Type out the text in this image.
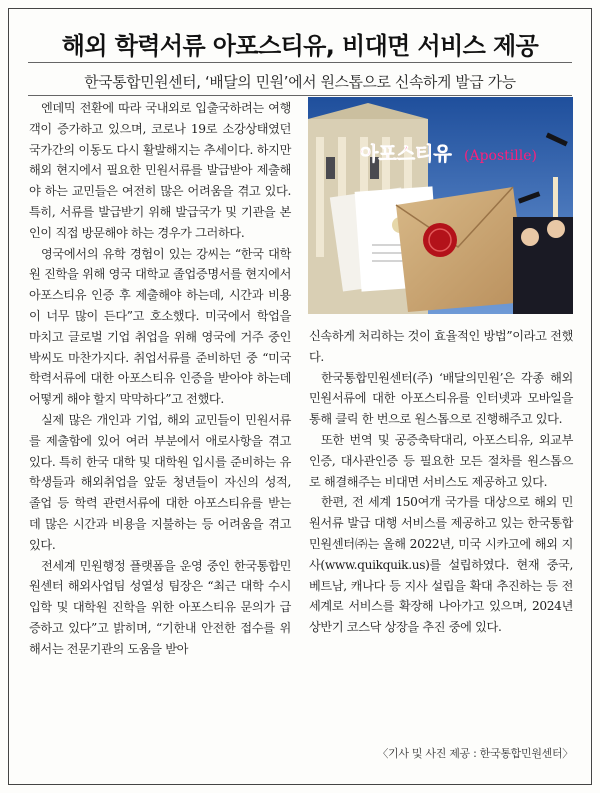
해외 학력서류 아포스티유, 비대면 서비스 제공
한국통합민원센터, ‘배달의 민원’에서 원스톱으로 신속하게 발급 가능

엔데믹 전환에 따라 국내외로 입출국하려는 여행객이 증가하고 있으며, 코로나 19로 소강상태였던 국가간의 이동도 다시 활발해지는 추세이다. 하지만 해외 현지에서 필요한 민원서류를 발급받아 제출해야 하는 교민들은 여전히 많은 어려움을 겪고 있다. 특히, 서류를 발급받기 위해 발급국가 및 기관을 본인이 직접 방문해야 하는 경우가 그러하다.

영국에서의 유학 경험이 있는 강씨는 “한국 대학원 진학을 위해 영국 대학교 졸업증명서를 현지에서 아포스티유 인증 후 제출해야 하는데, 시간과 비용이 너무 많이 든다”고 호소했다. 미국에서 학업을 마치고 글로벌 기업 취업을 위해 영국에 거주 중인 박씨도 마찬가지다. 취업서류를 준비하던 중 “미국 학력서류에 대한 아포스티유 인증을 받아야 하는데 어떻게 해야 할지 막막하다”고 전했다.

실제 많은 개인과 기업, 해외 교민들이 민원서류를 제출함에 있어 여러 부분에서 애로사항을 겪고 있다. 특히 한국 대학 및 대학원 입시를 준비하는 유학생들과 해외취업을 앞둔 청년들이 자신의 성적, 졸업 등 학력 관련서류에 대한 아포스티유를 받는 데 많은 시간과 비용을 지불하는 등 어려움을 겪고 있다.

전세계 민원행정 플랫폼을 운영 중인 한국통합민원센터 해외사업팀 성열성 팀장은 “최근 대학 수시입학 및 대학원 진학을 위한 아포스티유 문의가 급증하고 있다”고 밝히며, “기한내 안전한 접수를 위해서는 전문기관의 도움을 받아

아포스티유 (Apostille)

신속하게 처리하는 것이 효율적인 방법”이라고 전했다.

한국통합민원센터(주) ‘배달의민원’은 각종 해외 민원서류에 대한 아포스티유를 인터넷과 모바일을 통해 클릭 한 번으로 원스톱으로 진행해주고 있다.

또한 번역 및 공증축탁대리, 아포스티유, 외교부인증, 대사관인증 등 필요한 모든 절차를 원스톱으로 해결해주는 비대면 서비스도 제공하고 있다.

한편, 전 세계 150여개 국가를 대상으로 해외 민원서류 발급 대행 서비스를 제공하고 있는 한국통합민원센터㈜는 올해 2022년, 미국 시카고에 해외 지사(www.quikquik.us)를 설립하였다. 현재 중국, 베트남, 캐나다 등 지사 설립을 확대 추진하는 등 전 세계로 서비스를 확장해 나아가고 있으며, 2024년 상반기 코스닥 상장을 추진 중에 있다.

〈기사 및 사진 제공 : 한국통합민원센터〉
